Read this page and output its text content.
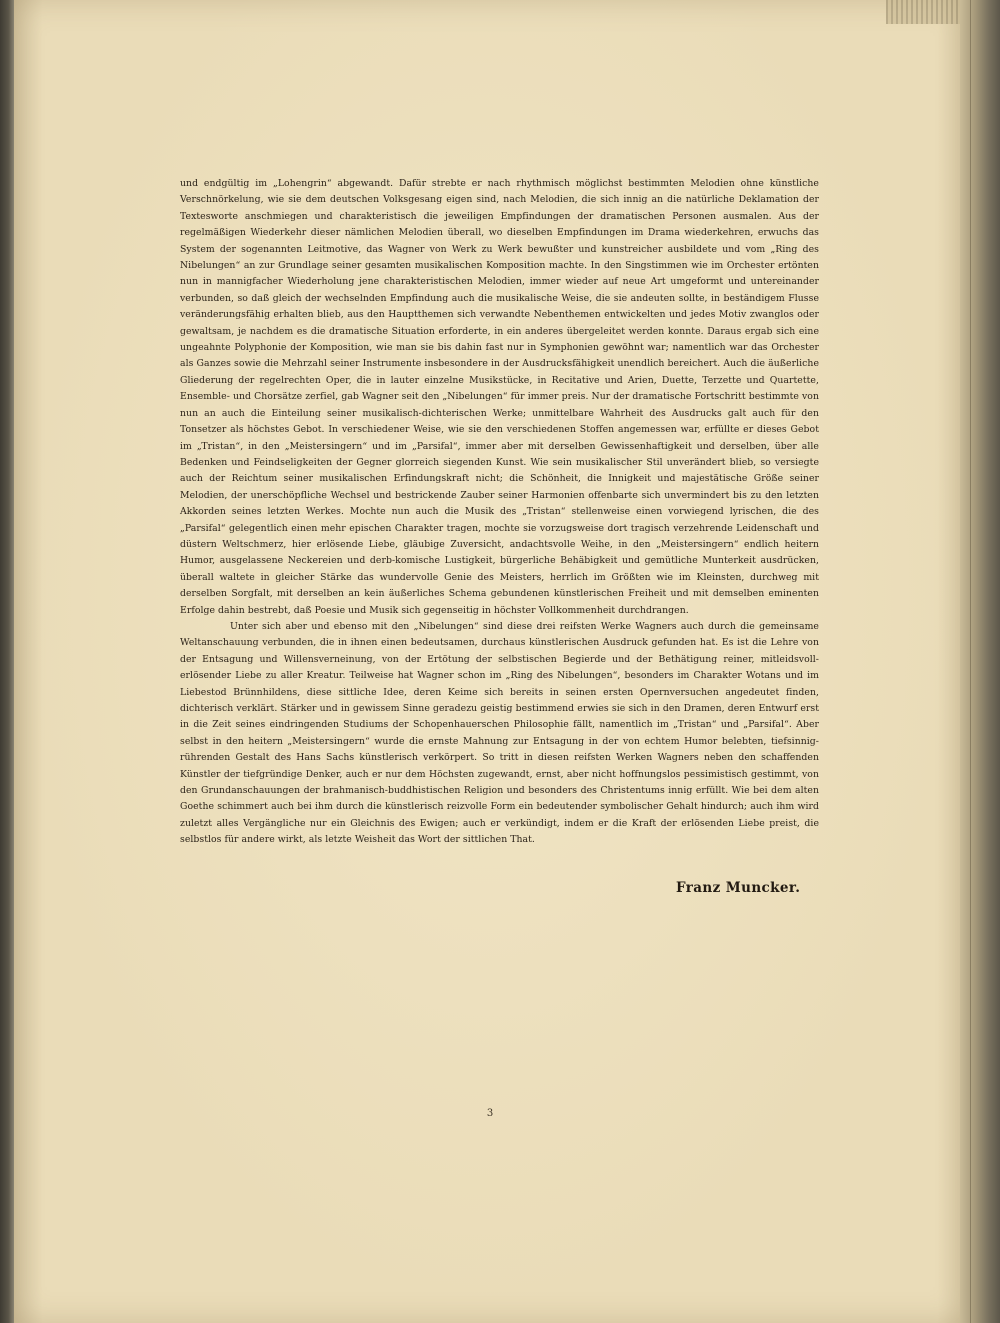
und endgültig im „Lohengrin“ abgewandt. Dafür strebte er nach rhythmisch möglichst bestimmten Melodien ohne künstliche Verschnörkelung, wie sie dem deutschen Volksgesang eigen sind, nach Melodien, die sich innig an die natürliche Deklamation der Textesworte anschmiegen und charakteristisch die jeweiligen Empfindungen der dramatischen Personen ausmalen. Aus der regelmäßigen Wiederkehr dieser nämlichen Melodien überall, wo dieselben Empfindungen im Drama wiederkehren, erwuchs das System der sogenannten Leitmotive, das Wagner von Werk zu Werk bewußter und kunstreicher ausbildete und vom „Ring des Nibelungen“ an zur Grundlage seiner gesamten musikalischen Komposition machte. In den Singstimmen wie im Orchester ertönten nun in mannigfacher Wiederholung jene charakteristischen Melodien, immer wieder auf neue Art umgeformt und untereinander verbunden, so daß gleich der wechselnden Empfindung auch die musikalische Weise, die sie andeuten sollte, in beständigem Flusse veränderungsfähig erhalten blieb, aus den Hauptthemen sich verwandte Nebenthemen entwickelten und jedes Motiv zwanglos oder gewaltsam, je nachdem es die dramatische Situation erforderte, in ein anderes übergeleitet werden konnte. Daraus ergab sich eine ungeahnte Polyphonie der Komposition, wie man sie bis dahin fast nur in Symphonien gewöhnt war; namentlich war das Orchester als Ganzes sowie die Mehrzahl seiner Instrumente insbesondere in der Ausdrucksfähigkeit unendlich bereichert. Auch die äußerliche Gliederung der regelrechten Oper, die in lauter einzelne Musikstücke, in Recitative und Arien, Duette, Terzette und Quartette, Ensemble- und Chorsätze zerfiel, gab Wagner seit den „Nibelungen“ für immer preis. Nur der dramatische Fortschritt bestimmte von nun an auch die Einteilung seiner musikalisch-dichterischen Werke; unmittelbare Wahrheit des Ausdrucks galt auch für den Tonsetzer als höchstes Gebot. In verschiedener Weise, wie sie den verschiedenen Stoffen angemessen war, erfüllte er dieses Gebot im „Tristan“, in den „Meistersingern“ und im „Parsifal“, immer aber mit derselben Gewissenhaftigkeit und derselben, über alle Bedenken und Feindseligkeiten der Gegner glorreich siegenden Kunst. Wie sein musikalischer Stil unverändert blieb, so versiegte auch der Reichtum seiner musikalischen Erfindungskraft nicht; die Schönheit, die Innigkeit und majestätische Größe seiner Melodien, der unerschöpfliche Wechsel und bestrickende Zauber seiner Harmonien offenbarte sich unvermindert bis zu den letzten Akkorden seines letzten Werkes. Mochte nun auch die Musik des „Tristan“ stellenweise einen vorwiegend lyrischen, die des „Parsifal“ gelegentlich einen mehr epischen Charakter tragen, mochte sie vorzugsweise dort tragisch verzehrende Leidenschaft und düstern Weltschmerz, hier erlösende Liebe, gläubige Zuversicht, andachtsvolle Weihe, in den „Meistersingern“ endlich heitern Humor, ausgelassene Neckereien und derb-komische Lustigkeit, bürgerliche Behäbigkeit und gemütliche Munterkeit ausdrücken, überall waltete in gleicher Stärke das wundervolle Genie des Meisters, herrlich im Größten wie im Kleinsten, durchweg mit derselben Sorgfalt, mit derselben an kein äußerliches Schema gebundenen künstlerischen Freiheit und mit demselben eminenten Erfolge dahin bestrebt, daß Poesie und Musik sich gegenseitig in höchster Vollkommenheit durchdrangen.

Unter sich aber und ebenso mit den „Nibelungen“ sind diese drei reifsten Werke Wagners auch durch die gemeinsame Weltanschauung verbunden, die in ihnen einen bedeutsamen, durchaus künstlerischen Ausdruck gefunden hat. Es ist die Lehre von der Entsagung und Willensverneinung, von der Ertötung der selbstischen Begierde und der Bethätigung reiner, mitleidsvoll-erlösender Liebe zu aller Kreatur. Teilweise hat Wagner schon im „Ring des Nibelungen“, besonders im Charakter Wotans und im Liebestod Brünnhildens, diese sittliche Idee, deren Keime sich bereits in seinen ersten Opernversuchen angedeutet finden, dichterisch verklärt. Stärker und in gewissem Sinne geradezu geistig bestimmend erwies sie sich in den Dramen, deren Entwurf erst in die Zeit seines eindringenden Studiums der Schopenhauerschen Philosophie fällt, namentlich im „Tristan“ und „Parsifal“. Aber selbst in den heitern „Meistersingern“ wurde die ernste Mahnung zur Entsagung in der von echtem Humor belebten, tiefsinnig-rührenden Gestalt des Hans Sachs künstlerisch verkörpert. So tritt in diesen reifsten Werken Wagners neben den schaffenden Künstler der tiefgründige Denker, auch er nur dem Höchsten zugewandt, ernst, aber nicht hoffnungslos pessimistisch gestimmt, von den Grundanschauungen der brahmanisch-buddhistischen Religion und besonders des Christentums innig erfüllt. Wie bei dem alten Goethe schimmert auch bei ihm durch die künstlerisch reizvolle Form ein bedeutender symbolischer Gehalt hindurch; auch ihm wird zuletzt alles Vergängliche nur ein Gleichnis des Ewigen; auch er verkündigt, indem er die Kraft der erlösenden Liebe preist, die selbstlos für andere wirkt, als letzte Weisheit das Wort der sittlichen That.

Franz Muncker.
3
